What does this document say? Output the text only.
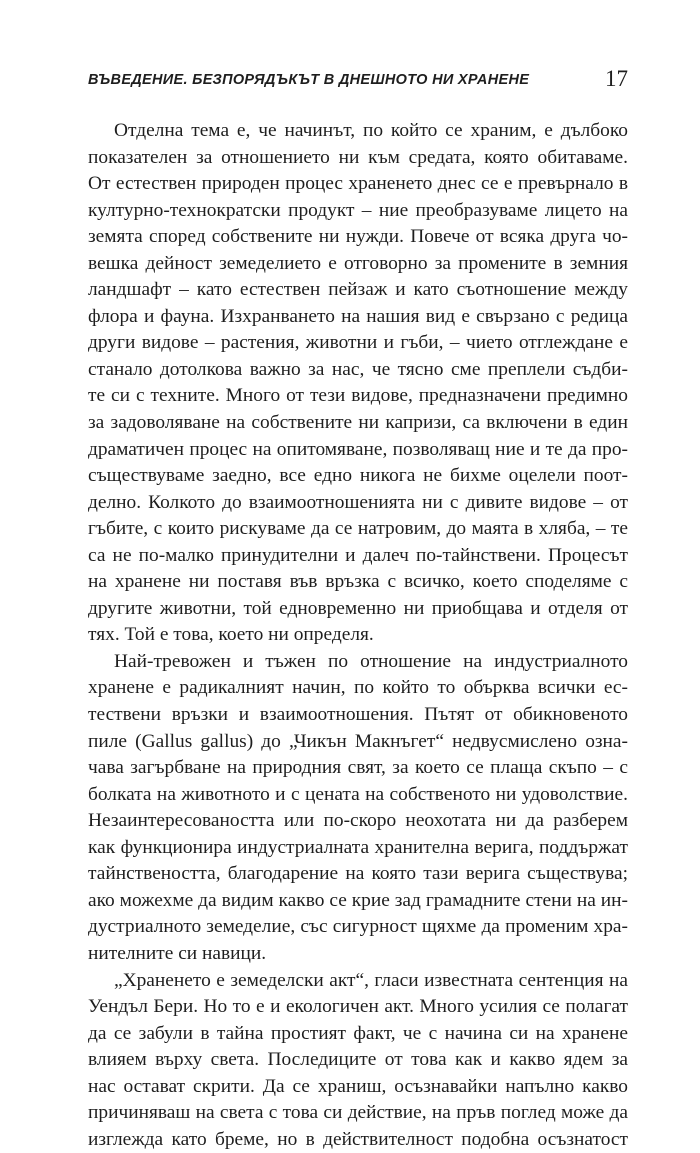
ВЪВЕДЕНИЕ. БЕЗПОРЯДЪКЪТ В ДНЕШНОТО НИ ХРАНЕНЕ	17
Отделна тема е, че начинът, по който се храним, е дълбоко
показателен за отношението ни към средата, която обитаваме.
От естествен природен процес храненето днес се е превърнало в
културно-технократски продукт – ние преобразуваме лицето на
земята според собствените ни нужди. Повече от всяка друга чо-
вешка дейност земеделието е отговорно за промените в земния
ландшафт – като естествен пейзаж и като съотношение между
флора и фауна. Изхранването на нашия вид е свързано с редица
други видове – растения, животни и гъби, – чието отглеждане е
станало дотолкова важно за нас, че тясно сме преплели съдби-
те си с техните. Много от тези видове, предназначени предимно
за задоволяване на собствените ни капризи, са включени в един
драматичен процес на опитомяване, позволяващ ние и те да про-
съществуваме заедно, все едно никога не бихме оцелели поот-
делно. Колкото до взаимоотношенията ни с дивите видове – от
гъбите, с които рискуваме да се натровим, до маята в хляба, – те
са не по-малко принудителни и далеч по-тайнствени. Процесът
на хранене ни поставя във връзка с всичко, което споделяме с
другите животни, той едновременно ни приобщава и отделя от
тях. Той е това, което ни определя.
Най-тревожен и тъжен по отношение на индустриалното
хранене е радикалният начин, по който то обърква всички ес-
тествени връзки и взаимоотношения. Пътят от обикновеното
пиле (Gallus gallus) до „Чикън Макнъгет“ недвусмислено озна-
чава загърбване на природния свят, за което се плаща скъпо – с
болката на животното и с цената на собственото ни удоволствие.
Незаинтересоваността или по-скоро неохотата ни да разберем
как функционира индустриалната хранителна верига, поддържат
тайнствеността, благодарение на която тази верига съществува;
ако можехме да видим какво се крие зад грамадните стени на ин-
дустриалното земеделие, със сигурност щяхме да променим хра-
нителните си навици.
„Храненето е земеделски акт“, гласи известната сентенция на
Уендъл Бери. Но то е и екологичен акт. Много усилия се полагат
да се забули в тайна простият факт, че с начина си на хранене
влияем върху света. Последиците от това как и какво ядем за
нас остават скрити. Да се храниш, осъзнавайки напълно какво
причиняваш на света с това си действие, на пръв поглед може да
изглежда като бреме, но в действителност подобна осъзнатост
